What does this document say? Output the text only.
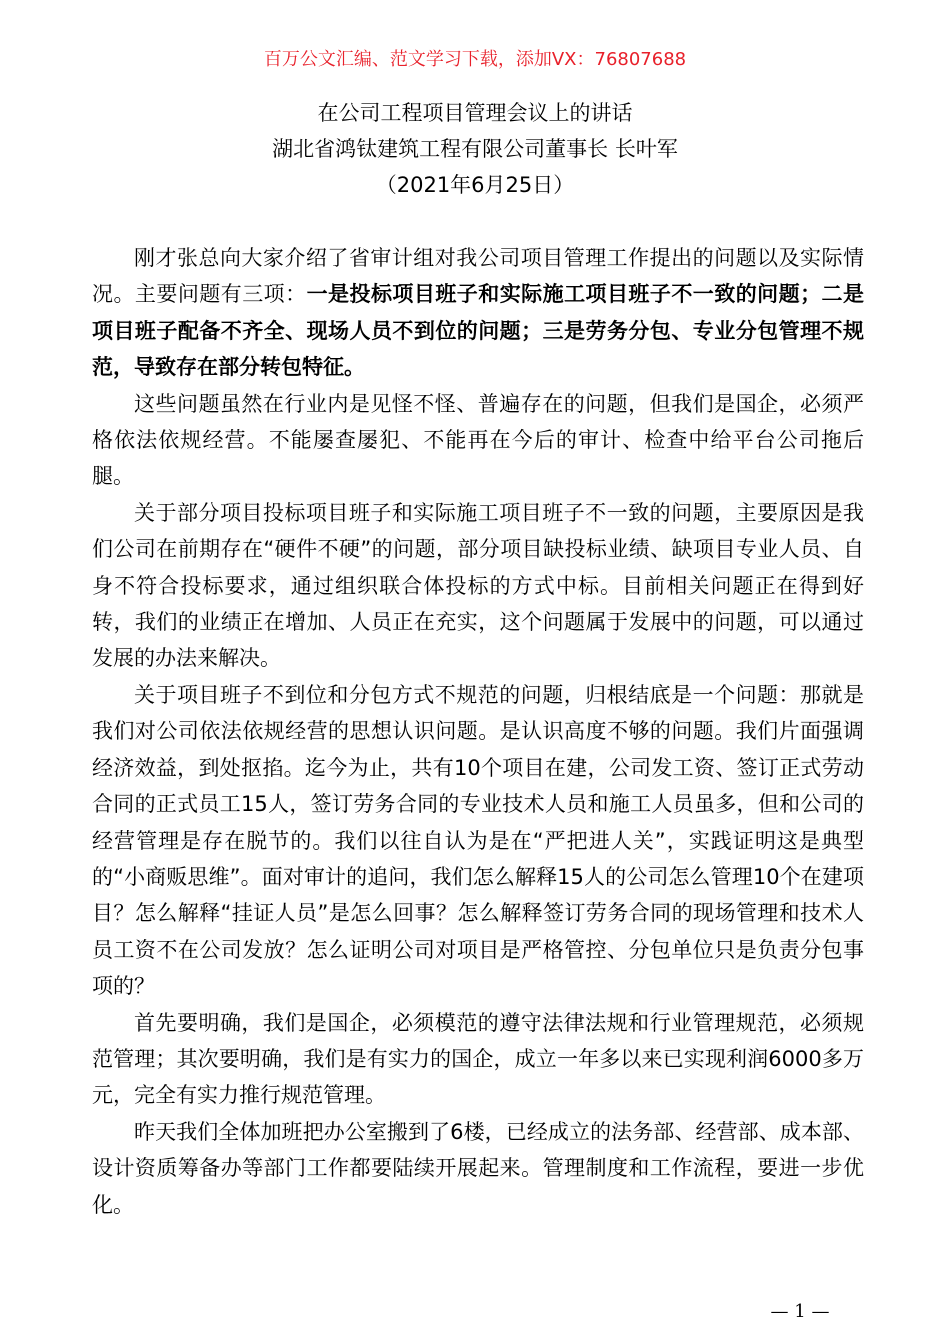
百万公文汇编、范文学习下载，添加VX：76807688
在公司工程项目管理会议上的讲话
湖北省鸿钛建筑工程有限公司董事长 长叶军
（2021年6月25日）

刚才张总向大家介绍了省审计组对我公司项目管理工作提出的问题以及实际情况。主要问题有三项：一是投标项目班子和实际施工项目班子不一致的问题；二是项目班子配备不齐全、现场人员不到位的问题；三是劳务分包、专业分包管理不规范，导致存在部分转包特征。

这些问题虽然在行业内是见怪不怪、普遍存在的问题，但我们是国企，必须严格依法依规经营。不能屡查屡犯、不能再在今后的审计、检查中给平台公司拖后腿。

关于部分项目投标项目班子和实际施工项目班子不一致的问题，主要原因是我们公司在前期存在“硬件不硬”的问题，部分项目缺投标业绩、缺项目专业人员、自身不符合投标要求，通过组织联合体投标的方式中标。目前相关问题正在得到好转，我们的业绩正在增加、人员正在充实，这个问题属于发展中的问题，可以通过发展的办法来解决。

关于项目班子不到位和分包方式不规范的问题，归根结底是一个问题：那就是我们对公司依法依规经营的思想认识问题。是认识高度不够的问题。我们片面强调经济效益，到处抠掐。迄今为止，共有10个项目在建，公司发工资、签订正式劳动合同的正式员工15人，签订劳务合同的专业技术人员和施工人员虽多，但和公司的经营管理是存在脱节的。我们以往自认为是在“严把进人关”，实践证明这是典型的“小商贩思维”。面对审计的追问，我们怎么解释15人的公司怎么管理10个在建项目？怎么解释“挂证人员”是怎么回事？怎么解释签订劳务合同的现场管理和技术人员工资不在公司发放？怎么证明公司对项目是严格管控、分包单位只是负责分包事项的？

首先要明确，我们是国企，必须模范的遵守法律法规和行业管理规范，必须规范管理；其次要明确，我们是有实力的国企，成立一年多以来已实现利润6000多万元，完全有实力推行规范管理。

昨天我们全体加班把办公室搬到了6楼，已经成立的法务部、经营部、成本部、设计资质筹备办等部门工作都要陆续开展起来。管理制度和工作流程，要进一步优化。

— 1 —
